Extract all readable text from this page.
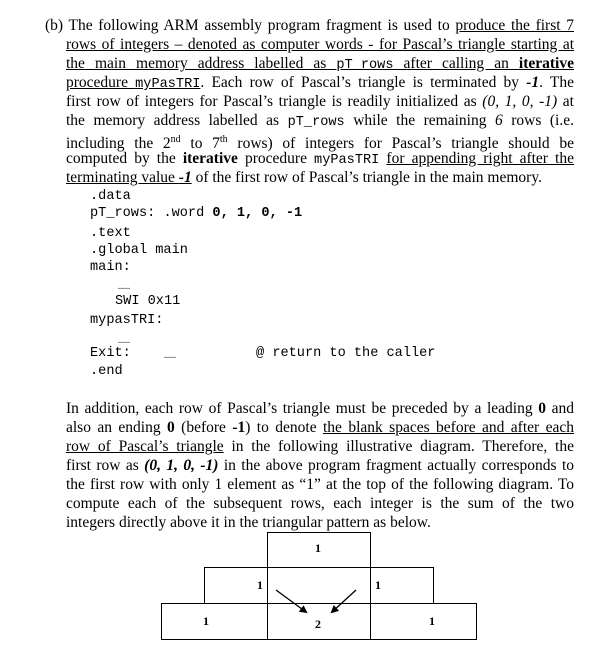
(b) The following ARM assembly program fragment is used to produce the first 7
rows of integers – denoted as computer words - for Pascal’s triangle starting at
the main memory address labelled as pT_rows after calling an iterative
procedure myPasTRI. Each row of Pascal’s triangle is terminated by -1. The
first row of integers for Pascal’s triangle is readily initialized as (0, 1, 0, -1) at
the memory address labelled as pT_rows while the remaining 6 rows (i.e.
including the 2nd to 7th rows) of integers for Pascal’s triangle should be
computed by the iterative procedure myPasTRI for appending right after the
terminating value -1 of the first row of Pascal’s triangle in the main memory.
.data
pT_rows: .word 0, 1, 0, -1
.text
.global main
main:
……
SWI 0x11
mypasTRI:
……
Exit:	……	@ return to the caller
.end
In addition, each row of Pascal’s triangle must be preceded by a leading 0 and
also an ending 0 (before -1) to denote the blank spaces before and after each
row of Pascal’s triangle in the following illustrative diagram. Therefore, the
first row as (0, 1, 0, -1) in the above program fragment actually corresponds to
the first row with only 1 element as “1” at the top of the following diagram. To
compute each of the subsequent rows, each integer is the sum of the two
integers directly above it in the triangular pattern as below.
1
1	1
1	2	1
